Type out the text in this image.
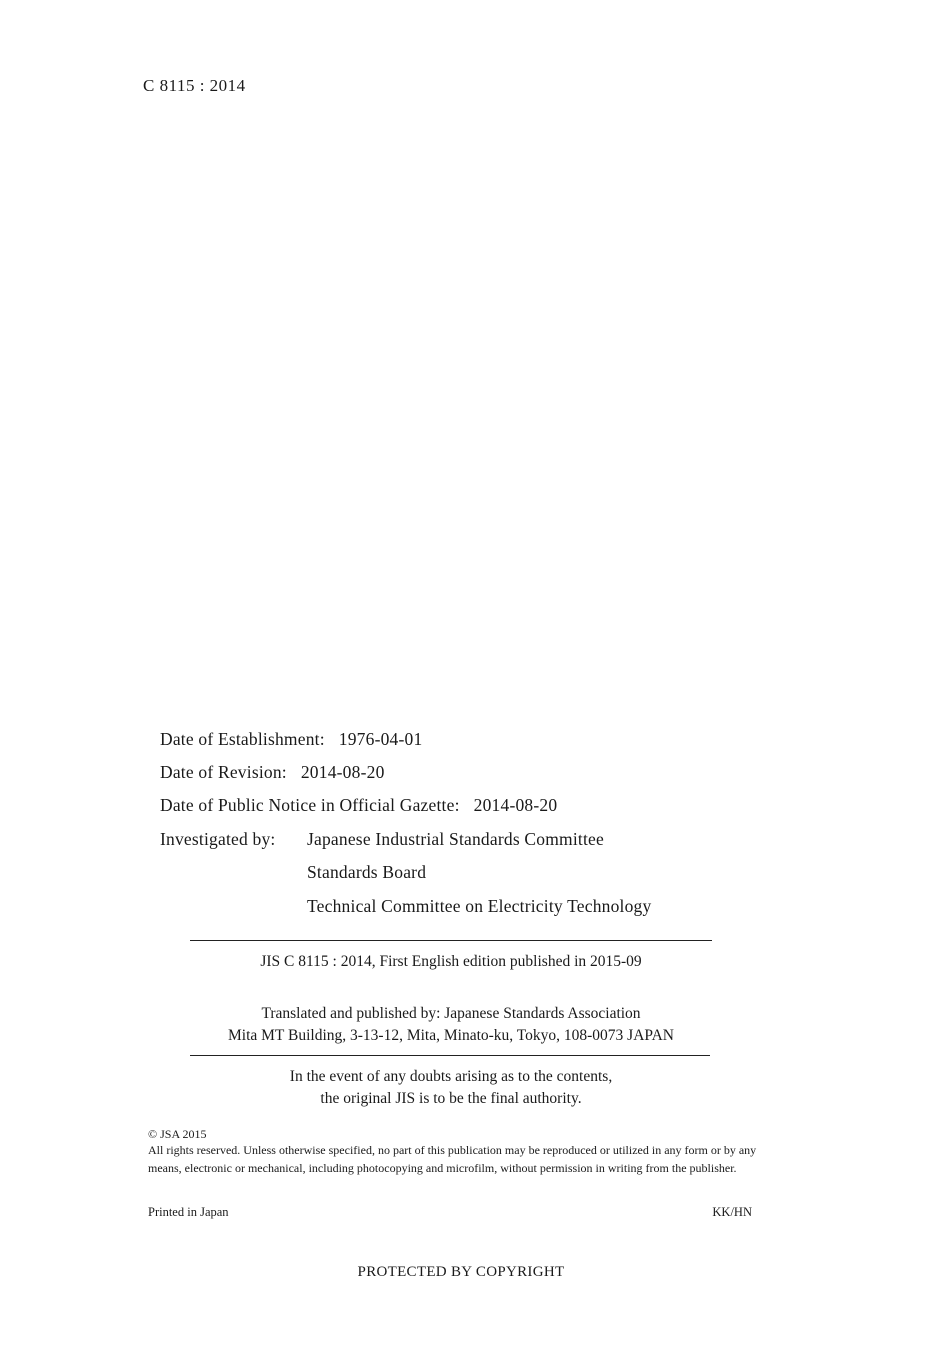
C 8115 : 2014
Date of Establishment: 1976-04-01
Date of Revision: 2014-08-20
Date of Public Notice in Official Gazette: 2014-08-20
Investigated by: Japanese Industrial Standards Committee
Standards Board
Technical Committee on Electricity Technology
JIS C 8115 : 2014, First English edition published in 2015-09
Translated and published by: Japanese Standards Association
Mita MT Building, 3-13-12, Mita, Minato-ku, Tokyo, 108-0073 JAPAN
In the event of any doubts arising as to the contents,
the original JIS is to be the final authority.
© JSA 2015
All rights reserved. Unless otherwise specified, no part of this publication may be reproduced or utilized in any form or by any means, electronic or mechanical, including photocopying and microfilm, without permission in writing from the publisher.
Printed in Japan	KK/HN
PROTECTED BY COPYRIGHT
